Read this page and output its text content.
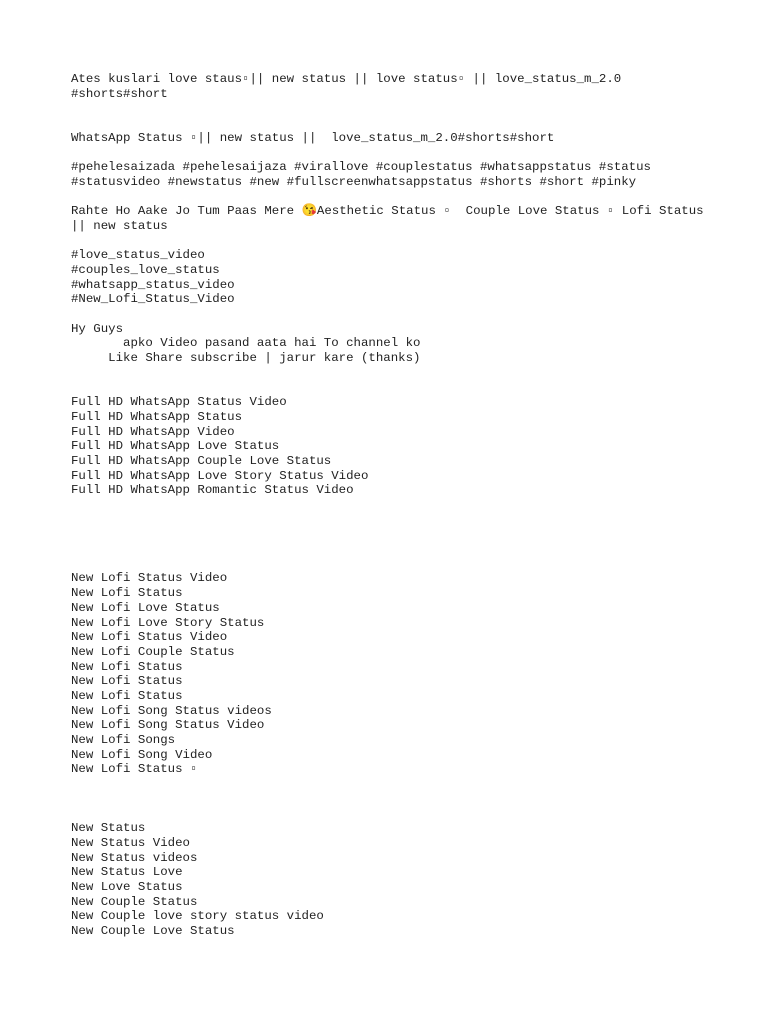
Ates kuslari love staus▫|| new status || love status▫ || love_status_m_2.0
#shorts#short
WhatsApp Status ▫|| new status ||  love_status_m_2.0#shorts#short
#pehelesaizada #pehelesaijaza #virallove #couplestatus #whatsappstatus #status
#statusvideo #newstatus #new #fullscreenwhatsappstatus #shorts #short #pinky
Rahte Ho Aake Jo Tum Paas Mere 😘Aesthetic Status ▫  Couple Love Status ▫ Lofi Status
|| new status
#love_status_video
#couples_love_status
#whatsapp_status_video
#New_Lofi_Status_Video
Hy Guys
apko Video pasand aata hai To channel ko
Like Share subscribe | jarur kare (thanks)
Full HD WhatsApp Status Video
Full HD WhatsApp Status
Full HD WhatsApp Video
Full HD WhatsApp Love Status
Full HD WhatsApp Couple Love Status
Full HD WhatsApp Love Story Status Video
Full HD WhatsApp Romantic Status Video
New Lofi Status Video
New Lofi Status
New Lofi Love Status
New Lofi Love Story Status
New Lofi Status Video
New Lofi Couple Status
New Lofi Status
New Lofi Status
New Lofi Status
New Lofi Song Status videos
New Lofi Song Status Video
New Lofi Songs
New Lofi Song Video
New Lofi Status ▫
New Status
New Status Video
New Status videos
New Status Love
New Love Status
New Couple Status
New Couple love story status video
New Couple Love Status
